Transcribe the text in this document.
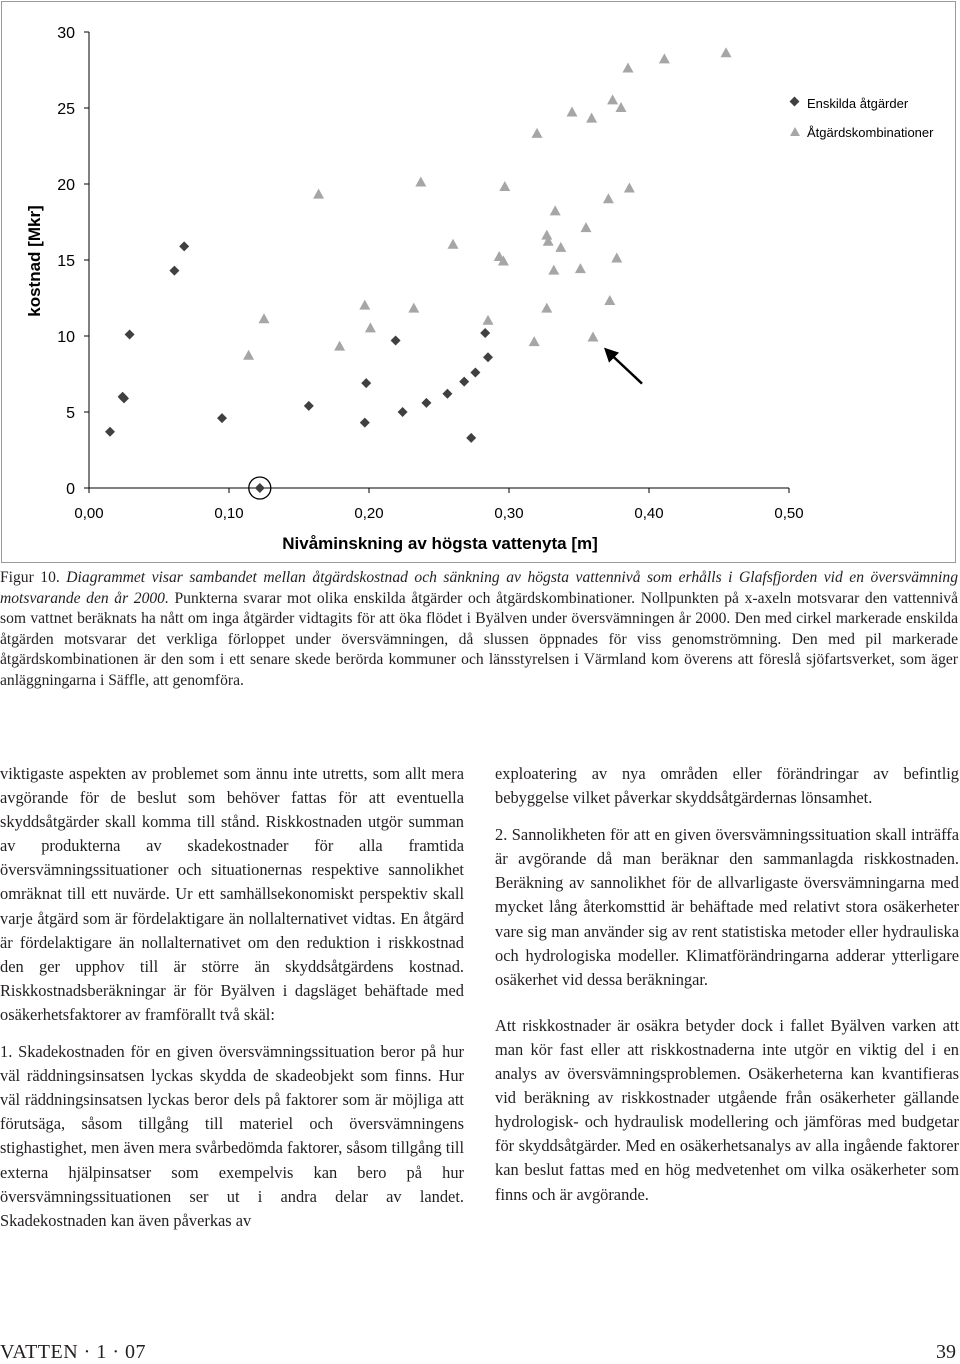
0
5
10
15
20
25
30
0,00	0,10	0,20	0,30	0,40	0,50
kostnad [Mkr]
Nivåminskning av högsta vattenyta [m]
Enskilda åtgärder
Åtgärdskombinationer
Figur 10. Diagrammet visar sambandet mellan åtgärdskostnad och sänkning av högsta vattennivå som erhålls i Glafsfjorden vid en översvämning motsvarande den år 2000. Punkterna svarar mot olika enskilda åtgärder och åtgärdskombinationer. Nollpunkten på x-axeln motsvarar den vattennivå som vattnet beräknats ha nått om inga åtgärder vidtagits för att öka flödet i Byälven under översvämningen år 2000. Den med cirkel markerade enskilda åtgärden motsvarar det verkliga förloppet under översvämningen, då slussen öppnades för viss genomströmning. Den med pil markerade åtgärdskombinationen är den som i ett senare skede berörda kommuner och länsstyrelsen i Värmland kom överens att föreslå sjöfartsverket, som äger anläggningarna i Säffle, att genomföra.

viktigaste aspekten av problemet som ännu inte utretts, som allt mera avgörande för de beslut som behöver fattas för att eventuella skyddsåtgärder skall komma till stånd. Riskkostnaden utgör summan av produkterna av skadekostnader för alla framtida översvämningssituationer och situationernas respektive sannolikhet omräknat till ett nuvärde. Ur ett samhällsekonomiskt perspektiv skall varje åtgärd som är fördelaktigare än nollalternativet vidtas. En åtgärd är fördelaktigare än nollalternativet om den reduktion i riskkostnad den ger upphov till är större än skyddsåtgärdens kostnad. Riskkostnadsberäkningar är för Byälven i dagsläget behäftade med osäkerhetsfaktorer av framförallt två skäl:

1. Skadekostnaden för en given översvämningssituation beror på hur väl räddningsinsatsen lyckas skydda de skadeobjekt som finns. Hur väl räddningsinsatsen lyckas beror dels på faktorer som är möjliga att förutsäga, såsom tillgång till materiel och översvämningens stighastighet, men även mera svårbedömda faktorer, såsom tillgång till externa hjälpinsatser som exempelvis kan bero på hur översvämningssituationen ser ut i andra delar av landet. Skadekostnaden kan även påverkas av

exploatering av nya områden eller förändringar av befintlig bebyggelse vilket påverkar skyddsåtgärdernas lönsamhet.

2. Sannolikheten för att en given översvämningssituation skall inträffa är avgörande då man beräknar den sammanlagda riskkostnaden. Beräkning av sannolikhet för de allvarligaste översvämningarna med mycket lång återkomsttid är behäftade med relativt stora osäkerheter vare sig man använder sig av rent statistiska metoder eller hydrauliska och hydrologiska modeller. Klimatförändringarna adderar ytterligare osäkerhet vid dessa beräkningar.

Att riskkostnader är osäkra betyder dock i fallet Byälven varken att man kör fast eller att riskkostnaderna inte utgör en viktig del i en analys av översvämningsproblemen. Osäkerheterna kan kvantifieras vid beräkning av riskkostnader utgående från osäkerheter gällande hydrologisk- och hydraulisk modellering och jämföras med budgetar för skyddsåtgärder. Med en osäkerhetsanalys av alla ingående faktorer kan beslut fattas med en hög medvetenhet om vilka osäkerheter som finns och är avgörande.

VATTEN · 1 · 07	39
